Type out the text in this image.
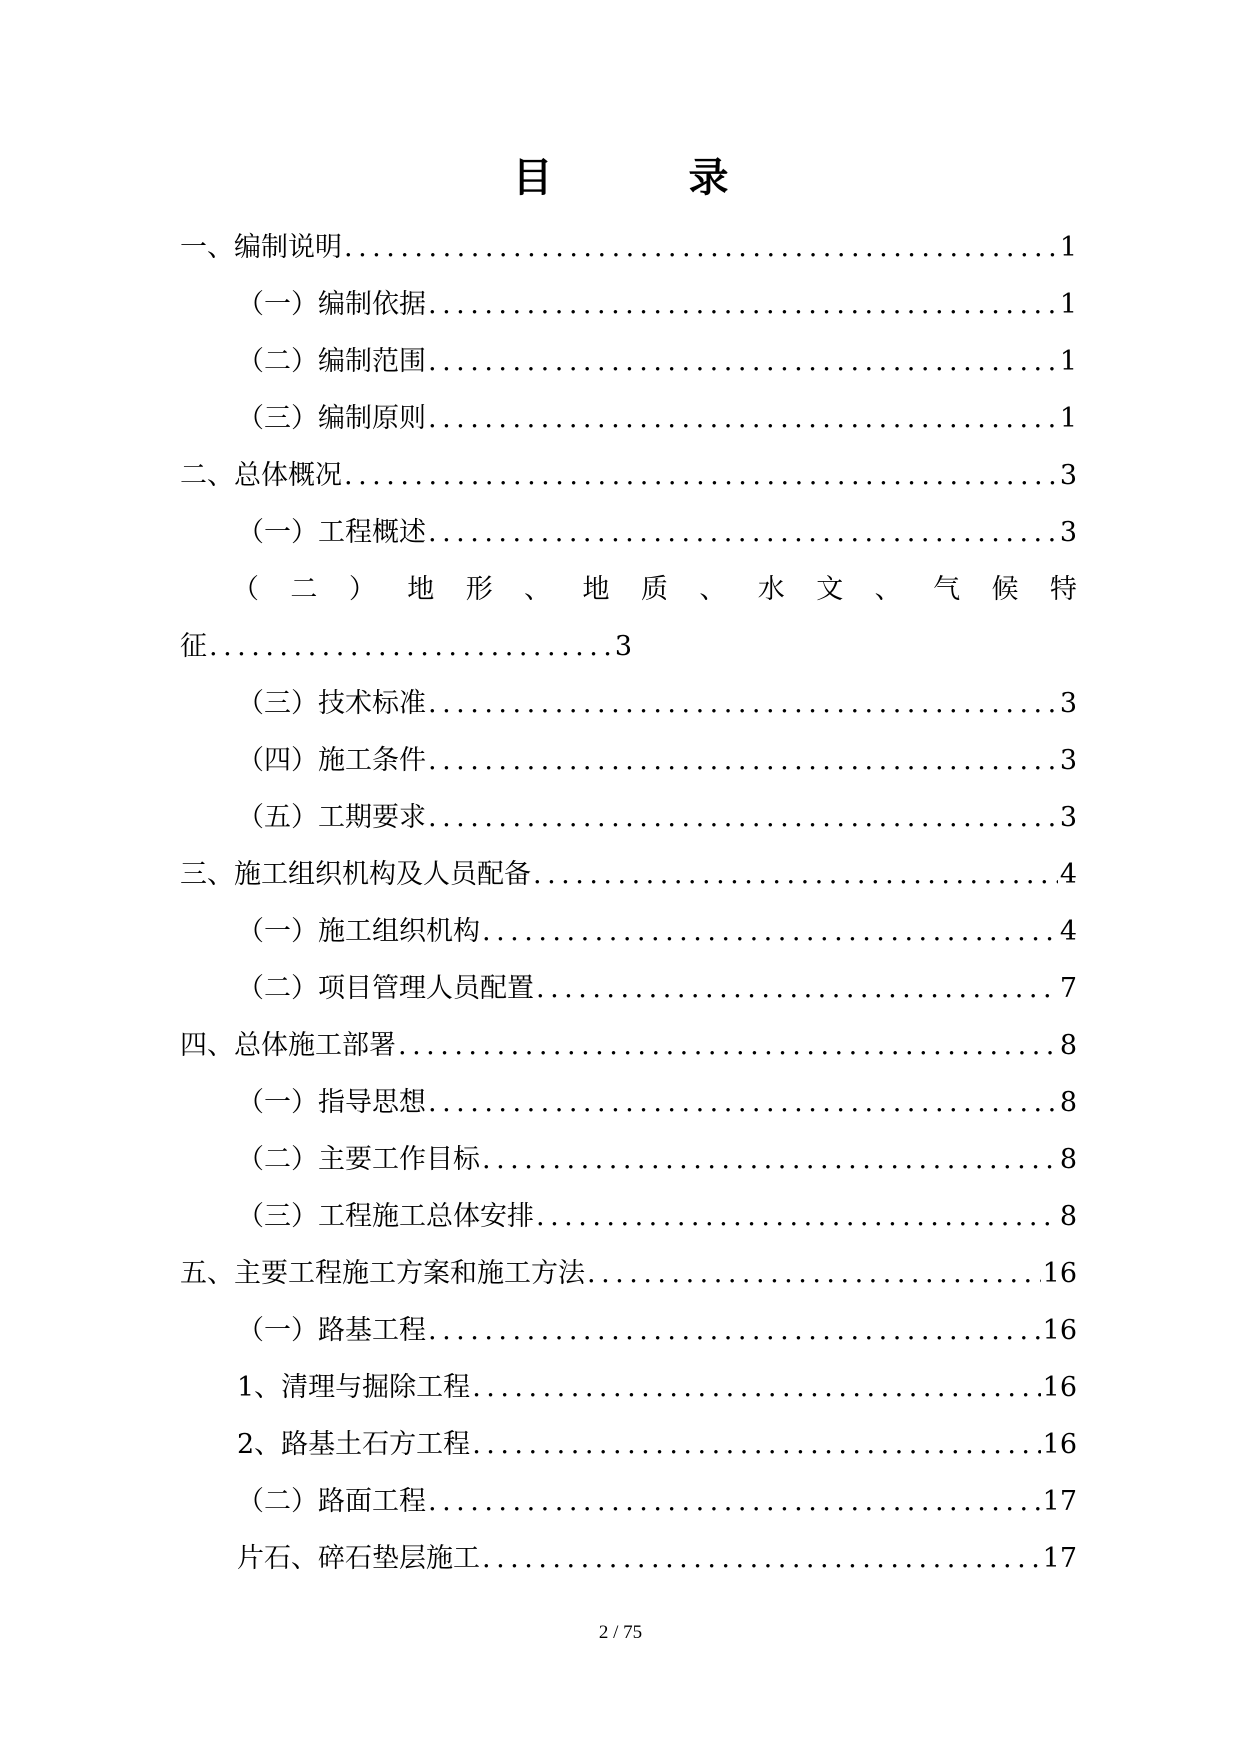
目　录
一、编制说明 .....	1
（一）编制依据 .....	1
（二）编制范围 .....	1
（三）编制原则 .....	1
二、总体概况 .....	3
（一）工程概述 .....	3
（ 二 ） 地 形 、 地 质 、 水 文 、 气 候 特
征 .....	3
（三）技术标准 .....	3
（四）施工条件 .....	3
（五）工期要求 .....	3
三、施工组织机构及人员配备 .....	4
（一）施工组织机构 .....	4
（二）项目管理人员配置 .....	7
四、总体施工部署 .....	8
（一）指导思想 .....	8
（二）主要工作目标 .....	8
（三）工程施工总体安排 .....	8
五、主要工程施工方案和施工方法 .....	16
（一）路基工程 .....	16
1、清理与掘除工程 .....	16
2、路基土石方工程 .....	16
（二）路面工程 .....	17
片石、碎石垫层施工 .....	17
2 / 75
